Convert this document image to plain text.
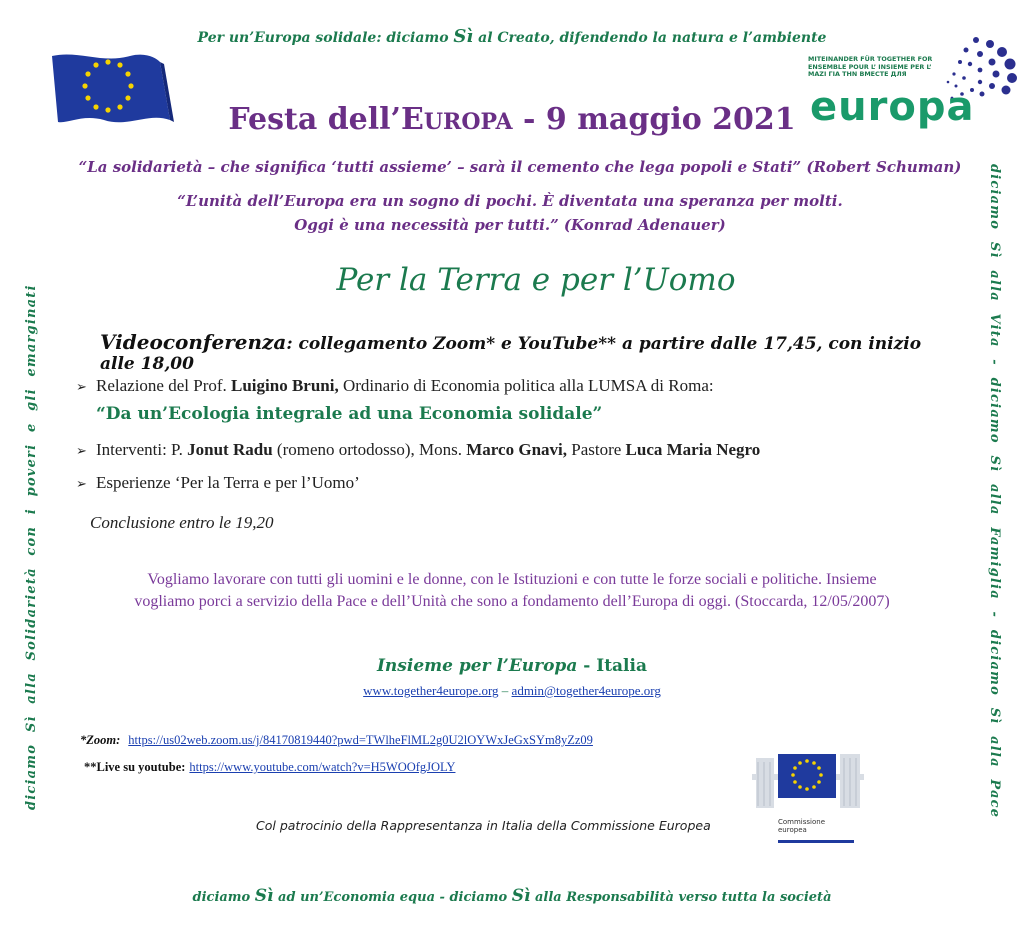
Per un’Europa solidale: diciamo Sì al Creato, difendendo la natura e l’ambiente
MITEINANDER FÜR TOGETHER FOR
ENSEMBLE POUR L’ INSIEME PER L’
ΜΑΖΙ ΓΙΑ ΤΗΝ ВМЕСТЕ ДЛЯ
europa
Festa dell’EUROPA - 9 maggio 2021
“La solidarietà – che significa ‘tutti assieme’ – sarà il cemento che lega popoli e Stati” (Robert Schuman)
“L’unità dell’Europa era un sogno di pochi. È diventata una speranza per molti.
Oggi è una necessità per tutti.” (Konrad Adenauer)
Per la Terra e per l’Uomo
Videoconferenza: collegamento Zoom* e YouTube** a partire dalle 17,45, con inizio alle 18,00
➢ Relazione del Prof. Luigino Bruni, Ordinario di Economia politica alla LUMSA di Roma:
“Da un’Ecologia integrale ad una Economia solidale”
➢ Interventi: P. Jonut Radu (romeno ortodosso), Mons. Marco Gnavi, Pastore Luca Maria Negro
➢ Esperienze ‘Per la Terra e per l’Uomo’
Conclusione entro le 19,20
Vogliamo lavorare con tutti gli uomini e le donne, con le Istituzioni e con tutte le forze sociali e politiche. Insieme
vogliamo porci a servizio della Pace e dell’Unità che sono a fondamento dell’Europa di oggi. (Stoccarda, 12/05/2007)
Insieme per l’Europa - Italia
www.together4europe.org – admin@together4europe.org
*Zoom: https://us02web.zoom.us/j/84170819440?pwd=TWlheFlML2g0U2lOYWxJeGxSYm8yZz09
**Live su youtube: https://www.youtube.com/watch?v=H5WOOfgJOLY
Col patrocinio della Rappresentanza in Italia della Commissione Europea	Commissione
europea
diciamo Sì ad un’Economia equa - diciamo Sì alla Responsabilità verso tutta la società
diciamo Sì alla Solidarietà con i poveri e gli emarginati	diciamo Sì alla Vita - diciamo Sì alla Famiglia - diciamo Sì alla Pace
